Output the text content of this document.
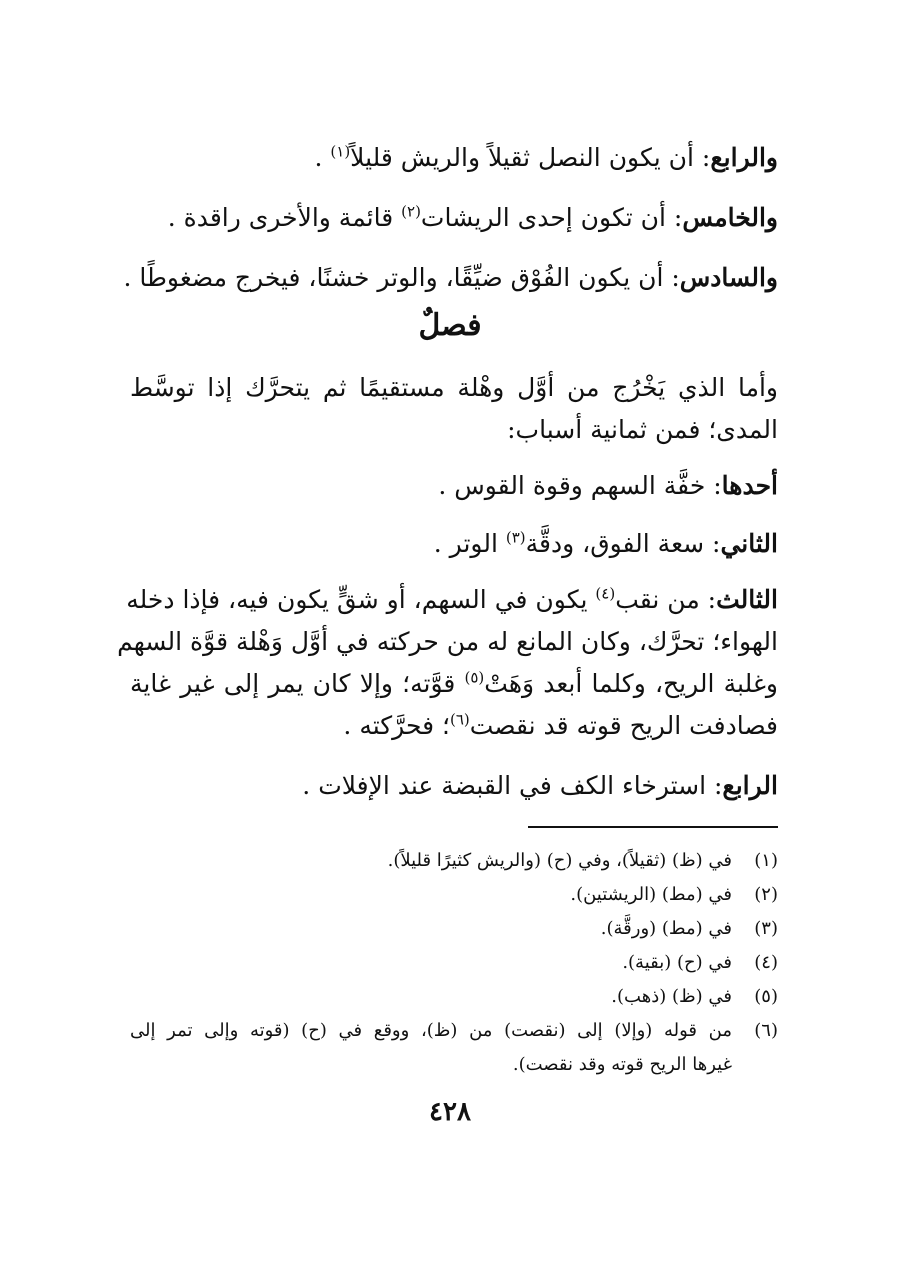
والرابع: أن يكون النصل ثقيلاً والريش قليلاً$^{(١)}$ .
والخامس: أن تكون إحدى الريشات$^{(٢)}$ قائمة والأخرى راقدة .
والسادس: أن يكون الفُوْق ضيِّقًا، والوتر خشنًا، فيخرج مضغوطًا .
فصلٌ
وأما الذي يَخْرُج من أوَّل وهْلة مستقيمًا ثم يتحرَّك إذا توسَّط
المدى؛ فمن ثمانية أسباب:
أحدها: خفَّة السهم وقوة القوس .
الثاني: سعة الفوق، ودقَّة$^{(٣)}$ الوتر .
الثالث: من نقب$^{(٤)}$ يكون في السهم، أو شقٍّ يكون فيه، فإذا دخله
الهواء؛ تحرَّك، وكان المانع له من حركته في أوَّل وَهْلة قوَّة السهم
وغلبة الريح، وكلما أبعد وَهَتْ$^{(٥)}$ قوَّته؛ وإلا كان يمر إلى غير غاية
فصادفت الريح قوته قد نقصت$^{(٦)}$؛ فحرَّكته .
الرابع: استرخاء الكف في القبضة عند الإفلات .
(١)في (ظ) (ثقيلاً)، وفي (ح) (والريش كثيرًا قليلاً).
(٢)في (مط) (الريشتين).
(٣)في (مط) (ورقَّة).
(٤)في (ح) (بقية).
(٥)في (ظ) (ذهب).
(٦)من قوله (وإلا) إلى (نقصت) من (ظ)، ووقع في (ح) (قوته وإلى تمر إلى
غيرها الريح قوته وقد نقصت).
٤٢٨
